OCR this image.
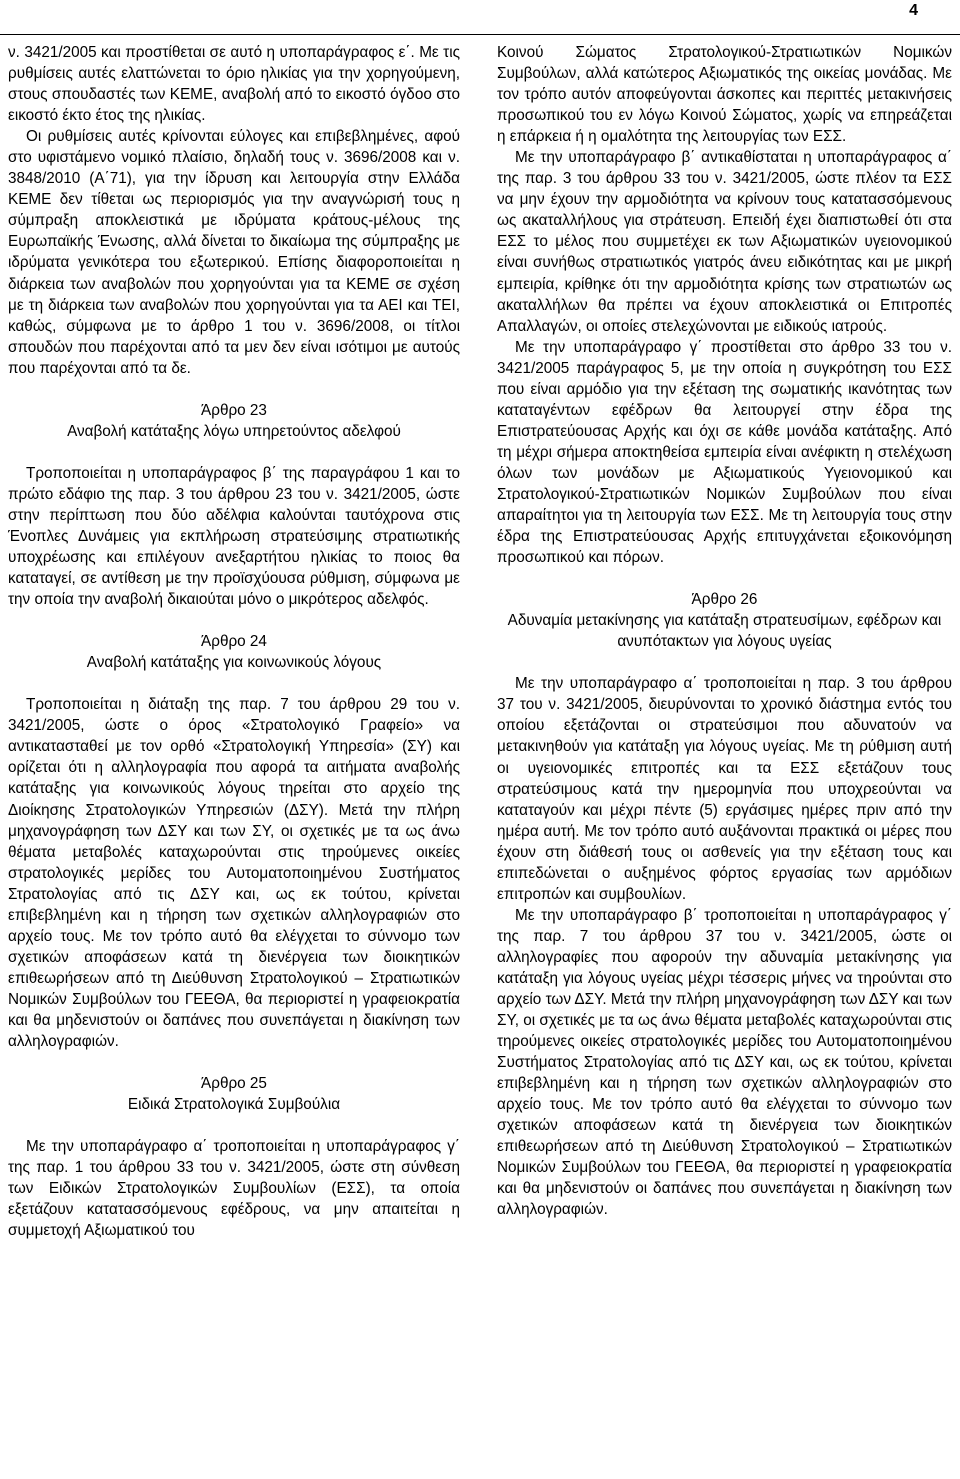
4

ν. 3421/2005 και προστίθεται σε αυτό η υποπαράγραφος ε΄. Με τις ρυθμίσεις αυτές ελαττώνεται το όριο ηλικίας για την χορηγούμενη, στους σπουδαστές των ΚΕΜΕ, αναβολή από το εικοστό όγδοο στο εικοστό έκτο έτος της ηλικίας.

Οι ρυθμίσεις αυτές κρίνονται εύλογες και επιβεβλημένες, αφού στο υφιστάμενο νομικό πλαίσιο, δηλαδή τους ν. 3696/2008 και ν. 3848/2010 (Α΄71), για την ίδρυση και λειτουργία στην Ελλάδα ΚΕΜΕ δεν τίθεται ως περιορισμός για την αναγνώρισή τους η σύμπραξη αποκλειστικά με ιδρύματα κράτους-μέλους της Ευρωπαϊκής Ένωσης, αλλά δίνεται το δικαίωμα της σύμπραξης με ιδρύματα γενικότερα του εξωτερικού. Επίσης διαφοροποιείται η διάρκεια των αναβολών που χορηγούνται για τα ΚΕΜΕ σε σχέση με τη διάρκεια των αναβολών που χορηγούνται για τα ΑΕΙ και ΤΕΙ, καθώς, σύμφωνα με το άρθρο 1 του ν. 3696/2008, οι τίτλοι σπουδών που παρέχονται από τα μεν δεν είναι ισότιμοι με αυτούς που παρέχονται από τα δε.

Άρθρο 23

Αναβολή κατάταξης λόγω υπηρετούντος αδελφού

Τροποποιείται η υποπαράγραφος β΄ της παραγράφου 1 και το πρώτο εδάφιο της παρ. 3 του άρθρου 23 του ν. 3421/2005, ώστε στην περίπτωση που δύο αδέλφια καλούνται ταυτόχρονα στις Ένοπλες Δυνάμεις για εκπλήρωση στρατεύσιμης στρατιωτικής υποχρέωσης και επιλέγουν ανεξαρτήτου ηλικίας το ποιος θα καταταγεί, σε αντίθεση με την προϊσχύουσα ρύθμιση, σύμφωνα με την οποία την αναβολή δικαιούται μόνο ο μικρότερος αδελφός.

Άρθρο 24

Αναβολή κατάταξης για κοινωνικούς λόγους

Τροποποιείται η διάταξη της παρ. 7 του άρθρου 29 του ν. 3421/2005, ώστε ο όρος «Στρατολογικό Γραφείο» να αντικατασταθεί με τον ορθό «Στρατολογική Υπηρεσία» (ΣΥ) και ορίζεται ότι η αλληλογραφία που αφορά τα αιτήματα αναβολής κατάταξης για κοινωνικούς λόγους τηρείται στο αρχείο της Διοίκησης Στρατολογικών Υπηρεσιών (ΔΣΥ). Μετά την πλήρη μηχανογράφηση των ΔΣΥ και των ΣΥ, οι σχετικές με τα ως άνω θέματα μεταβολές καταχωρούνται στις τηρούμενες οικείες στρατολογικές μερίδες του Αυτοματοποιημένου Συστήματος Στρατολογίας από τις ΔΣΥ και, ως εκ τούτου, κρίνεται επιβεβλημένη και η τήρηση των σχετικών αλληλογραφιών στο αρχείο τους. Με τον τρόπο αυτό θα ελέγχεται το σύννομο των σχετικών αποφάσεων κατά τη διενέργεια των διοικητικών επιθεωρήσεων από τη Διεύθυνση Στρατολογικού – Στρατιωτικών Νομικών Συμβούλων του ΓΕΕΘΑ, θα περιοριστεί η γραφειοκρατία και θα μηδενιστούν οι δαπάνες που συνεπάγεται η διακίνηση των αλληλογραφιών.

Άρθρο 25

Ειδικά Στρατολογικά Συμβούλια

Με την υποπαράγραφο α΄ τροποποιείται η υποπαράγραφος γ΄ της παρ. 1 του άρθρου 33 του ν. 3421/2005, ώστε στη σύνθεση των Ειδικών Στρατολογικών Συμβουλίων (ΕΣΣ), τα οποία εξετάζουν κατατασσόμενους εφέδρους, να μην απαιτείται η συμμετοχή Αξιωματικού του

Κοινού Σώματος Στρατολογικού-Στρατιωτικών Νομικών Συμβούλων, αλλά κατώτερος Αξιωματικός της οικείας μονάδας. Με τον τρόπο αυτόν αποφεύγονται άσκοπες και περιττές μετακινήσεις προσωπικού του εν λόγω Κοινού Σώματος, χωρίς να επηρεάζεται η επάρκεια ή η ομαλότητα της λειτουργίας των ΕΣΣ.

Με την υποπαράγραφο β΄ αντικαθίσταται η υποπαράγραφος α΄ της παρ. 3 του άρθρου 33 του ν. 3421/2005, ώστε πλέον τα ΕΣΣ να μην έχουν την αρμοδιότητα να κρίνουν τους κατατασσόμενους ως ακαταλλήλους για στράτευση. Επειδή έχει διαπιστωθεί ότι στα ΕΣΣ το μέλος που συμμετέχει εκ των Αξιωματικών υγειονομικού είναι συνήθως στρατιωτικός γιατρός άνευ ειδικότητας και με μικρή εμπειρία, κρίθηκε ότι την αρμοδιότητα κρίσης των στρατιωτών ως ακαταλλήλων θα πρέπει να έχουν αποκλειστικά οι Επιτροπές Απαλλαγών, οι οποίες στελεχώνονται με ειδικούς ιατρούς.

Με την υποπαράγραφο γ΄ προστίθεται στο άρθρο 33 του ν. 3421/2005 παράγραφος 5, με την οποία η συγκρότηση του ΕΣΣ που είναι αρμόδιο για την εξέταση της σωματικής ικανότητας των καταταγέντων εφέδρων θα λειτουργεί στην έδρα της Επιστρατεύουσας Αρχής και όχι σε κάθε μονάδα κατάταξης. Από τη μέχρι σήμερα αποκτηθείσα εμπειρία είναι ανέφικτη η στελέχωση όλων των μονάδων με Αξιωματικούς Υγειονομικού και Στρατολογικού-Στρατιωτικών Νομικών Συμβούλων που είναι απαραίτητοι για τη λειτουργία των ΕΣΣ. Με τη λειτουργία τους στην έδρα της Επιστρατεύουσας Αρχής επιτυγχάνεται εξοικονόμηση προσωπικού και πόρων.

Άρθρο 26

Αδυναμία μετακίνησης για κατάταξη στρατευσίμων, εφέδρων και ανυπότακτων για λόγους υγείας

Με την υποπαράγραφο α΄ τροποποιείται η παρ. 3 του άρθρου 37 του ν. 3421/2005, διευρύνονται το χρονικό διάστημα εντός του οποίου εξετάζονται οι στρατεύσιμοι που αδυνατούν να μετακινηθούν για κατάταξη για λόγους υγείας. Με τη ρύθμιση αυτή οι υγειονομικές επιτροπές και τα ΕΣΣ εξετάζουν τους στρατεύσιμους κατά την ημερομηνία που υποχρεούνται να καταταγούν και μέχρι πέντε (5) εργάσιμες ημέρες πριν από την ημέρα αυτή. Με τον τρόπο αυτό αυξάνονται πρακτικά οι μέρες που έχουν στη διάθεσή τους οι ασθενείς για την εξέταση τους και επιπεδώνεται ο αυξημένος φόρτος εργασίας των αρμόδιων επιτροπών και συμβουλίων.

Με την υποπαράγραφο β΄ τροποποιείται η υποπαράγραφος γ΄ της παρ. 7 του άρθρου 37 του ν. 3421/2005, ώστε οι αλληλογραφίες που αφορούν την αδυναμία μετακίνησης για κατάταξη για λόγους υγείας μέχρι τέσσερις μήνες να τηρούνται στο αρχείο των ΔΣΥ. Μετά την πλήρη μηχανογράφηση των ΔΣΥ και των ΣΥ, οι σχετικές με τα ως άνω θέματα μεταβολές καταχωρούνται στις τηρούμενες οικείες στρατολογικές μερίδες του Αυτοματοποιημένου Συστήματος Στρατολογίας από τις ΔΣΥ και, ως εκ τούτου, κρίνεται επιβεβλημένη και η τήρηση των σχετικών αλληλογραφιών στο αρχείο τους. Με τον τρόπο αυτό θα ελέγχεται το σύννομο των σχετικών αποφάσεων κατά τη διενέργεια των διοικητικών επιθεωρήσεων από τη Διεύθυνση Στρατολογικού – Στρατιωτικών Νομικών Συμβούλων του ΓΕΕΘΑ, θα περιοριστεί η γραφειοκρατία και θα μηδενιστούν οι δαπάνες που συνεπάγεται η διακίνηση των αλληλογραφιών.
